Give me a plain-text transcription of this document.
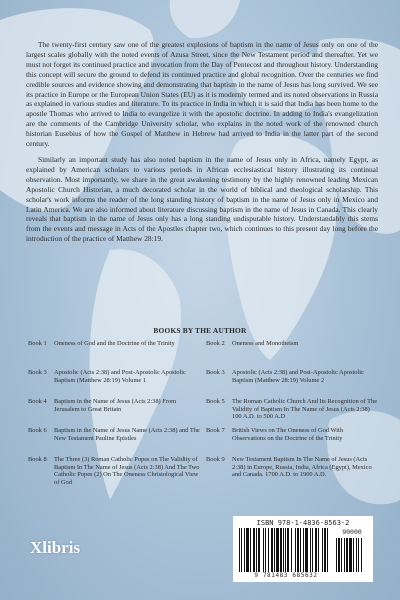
The twenty-first century saw one of the greatest explosions of baptism in the name of Jesus only on one of the largest scales globally with the noted events of Azusa Street, since the New Testament period and thereafter. Yet we must not forget its continued practice and invocation from the Day of Pentecost and throughout history. Understanding this concept will secure the ground to defend its continued practice and global recognition. Over the centuries we find credible sources and evidence showing and demonstrating that baptism in the name of Jesus has long survived. We see its practice in Europe or the European Union States (EU) as it is modernly termed and its noted observations in Russia as explained in various studies and literature. To its practice in India in which it is said that India has been home to the apostle Thomas who arrived to India to evangelize it with the apostolic doctrine. In adding to India's evangelization are the comments of the Cambridge University scholar, who explains in the noted work of the renowned church historian Eusebius of how the Gospel of Matthew in Hebrew had arrived to India in the latter part of the second century.

Similarly an important study has also noted baptism in the name of Jesus only in Africa, namely Egypt, as explained by American scholars to various periods in African ecclesiastical history illustrating its continual observation. Most importantly, we share in the great awakening testimony by the highly renowned leading Mexican Apostolic Church Historian, a much decorated scholar in the world of biblical and theological scholarship. This scholar's work informs the reader of the long standing history of baptism in the name of Jesus only in Mexico and Latin America. We are also informed about literature discussing baptism in the name of Jesus in Canada. This clearly reveals that baptism in the name of Jesus only has a long standing undisputable history. Understandably this stems from the events and message in Acts of the Apostles chapter two, which continues to this present day long before the introduction of the practice of Matthew 28:19.

BOOKS BY THE AUTHOR
Book 1	Oneness of God and the Doctrine of the Trinity	Book 2	Oneness and Monotheism
Book 3	Apostolic (Acts 2:38) and Post-Apostolic Apostolic Baptism (Matthew 28:19) Volume 1
Book 3	Apostolic (Acts 2:38) and Post-Apostolic Apostolic Baptism (Matthew 28:19) Volume 2
Book 4	Baptism in the Name of Jesus (Acts 2:38) From Jerusalem to Great Britain
Book 5	The Roman Catholic Church And Its Recognition of The Validity of Baptism In The Name of Jesus (Acts 2:38) 100 A.D. to 500 A.D
Book 6	Baptism in the Name of Jesus Name (Acts 2:38) and The New Testament Pauline Epistles
Book 7	British Views on The Oneness of God With Observations on the Doctrine of the Trinity
Book 8	The Three (3) Roman Catholic Popes on The Validity of Baptism In The Name of Jesus (Acts 2:38) And The Two Catholic Popes (2) On The Oneness Christological View of God
Book 9	New Testament Baptism In The Name of Jesus (Acts 2:38) in Europe, Russia, India, Africa (Egypt), Mexico and Canada. 1700 A.D. to 1900 A.D.
Xlibris
ISBN 978-1-4836-8563-2
90000
9 781483 685632
